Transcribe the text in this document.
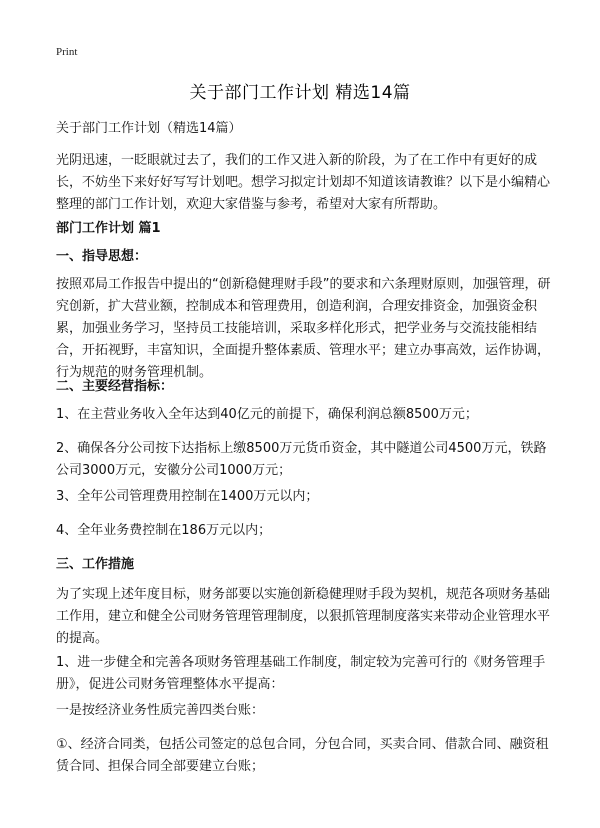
Print
关于部门工作计划 精选14篇

关于部门工作计划（精选14篇）

光阴迅速，一眨眼就过去了，我们的工作又进入新的阶段，为了在工作中有更好的成长，不妨坐下来好好写写计划吧。想学习拟定计划却不知道该请教谁？以下是小编精心整理的部门工作计划，欢迎大家借鉴与参考，希望对大家有所帮助。

部门工作计划 篇1

一、指导思想：

按照邓局工作报告中提出的“创新稳健理财手段”的要求和六条理财原则，加强管理，研究创新，扩大营业额，控制成本和管理费用，创造利润，合理安排资金，加强资金积累，加强业务学习，坚持员工技能培训，采取多样化形式，把学业务与交流技能相结合，开拓视野，丰富知识，全面提升整体素质、管理水平；建立办事高效，运作协调，行为规范的财务管理机制。

二、主要经营指标：

1、在主营业务收入全年达到40亿元的前提下，确保利润总额8500万元；

2、确保各分公司按下达指标上缴8500万元货币资金，其中隧道公司4500万元，铁路公司3000万元，安徽分公司1000万元；

3、全年公司管理费用控制在1400万元以内；

4、全年业务费控制在186万元以内；

三、工作措施

为了实现上述年度目标，财务部要以实施创新稳健理财手段为契机，规范各项财务基础工作用，建立和健全公司财务管理管理制度，以狠抓管理制度落实来带动企业管理水平的提高。

1、进一步健全和完善各项财务管理基础工作制度，制定较为完善可行的《财务管理手册》，促进公司财务管理整体水平提高：

一是按经济业务性质完善四类台账：

①、经济合同类，包括公司签定的总包合同，分包合同，买卖合同、借款合同、融资租赁合同、担保合同全部要建立台账；
